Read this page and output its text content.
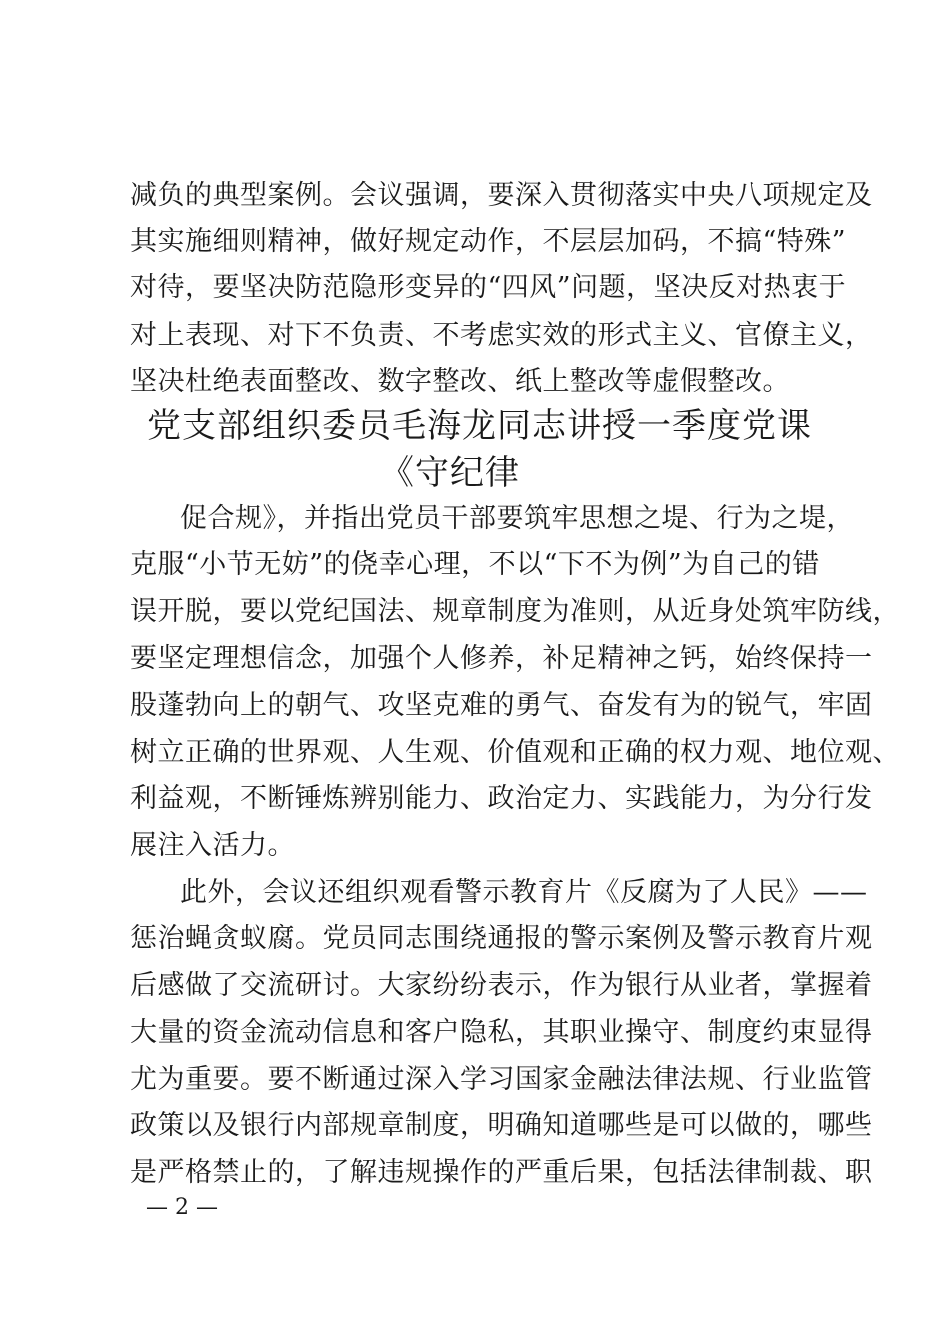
减负的典型案例。会议强调，要深入贯彻落实中央八项规定及
其实施细则精神，做好规定动作，不层层加码，不搞“特殊”
对待，要坚决防范隐形变异的“四风”问题，坚决反对热衷于
对上表现、对下不负责、不考虑实效的形式主义、官僚主义，
坚决杜绝表面整改、数字整改、纸上整改等虚假整改。
党支部组织委员毛海龙同志讲授一季度党课
《守纪律
促合规》，并指出党员干部要筑牢思想之堤、行为之堤，
克服“小节无妨”的侥幸心理，不以“下不为例”为自己的错
误开脱，要以党纪国法、规章制度为准则，从近身处筑牢防线，
要坚定理想信念，加强个人修养，补足精神之钙，始终保持一
股蓬勃向上的朝气、攻坚克难的勇气、奋发有为的锐气，牢固
树立正确的世界观、人生观、价值观和正确的权力观、地位观、
利益观，不断锤炼辨别能力、政治定力、实践能力，为分行发
展注入活力。
此外，会议还组织观看警示教育片《反腐为了人民》——
惩治蝇贪蚁腐。党员同志围绕通报的警示案例及警示教育片观
后感做了交流研讨。大家纷纷表示，作为银行从业者，掌握着
大量的资金流动信息和客户隐私，其职业操守、制度约束显得
尤为重要。要不断通过深入学习国家金融法律法规、行业监管
政策以及银行内部规章制度，明确知道哪些是可以做的，哪些
是严格禁止的，了解违规操作的严重后果，包括法律制裁、职
— 2 —
